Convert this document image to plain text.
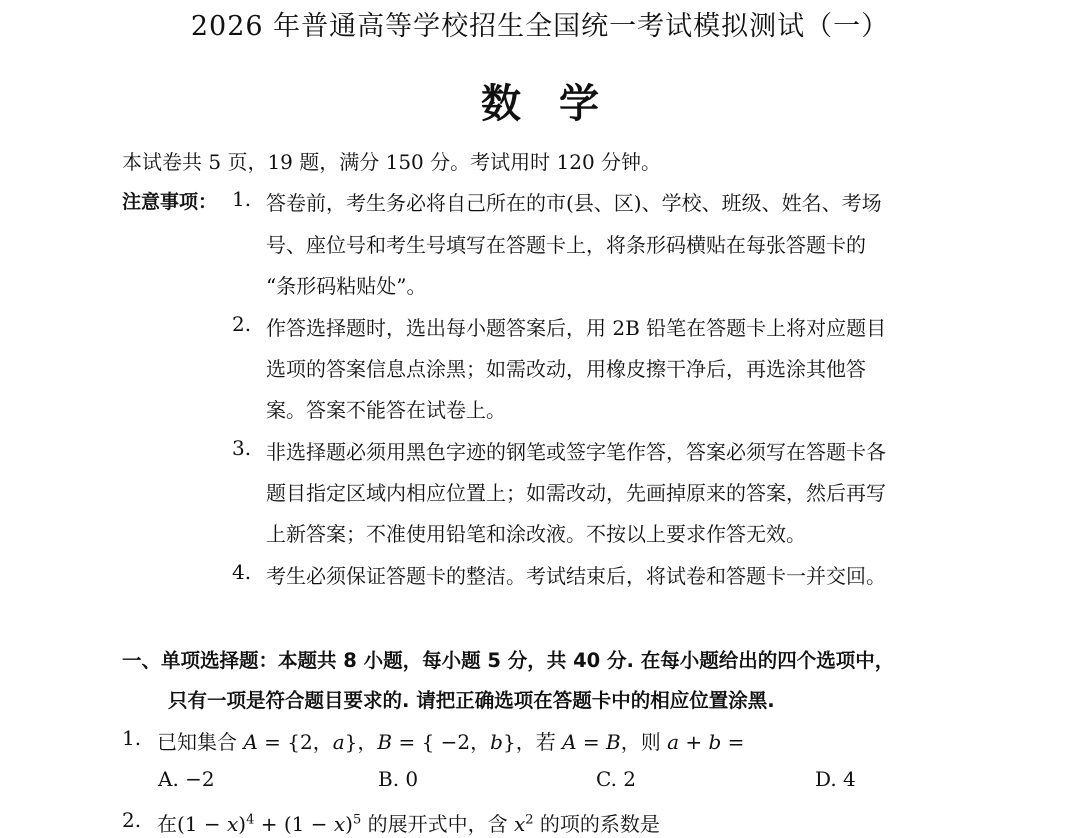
2026 年普通高等学校招生全国统一考试模拟测试（一）
数学
本试卷共 5 页，19 题，满分 150 分。考试用时 120 分钟。
注意事项： 1. 答卷前，考生务必将自己所在的市(县、区)、学校、班级、姓名、考场
号、座位号和考生号填写在答题卡上，将条形码横贴在每张答题卡的
“条形码粘贴处”。
2. 作答选择题时，选出每小题答案后，用 2B 铅笔在答题卡上将对应题目
选项的答案信息点涂黑；如需改动，用橡皮擦干净后，再选涂其他答
案。答案不能答在试卷上。
3. 非选择题必须用黑色字迹的钢笔或签字笔作答，答案必须写在答题卡各
题目指定区域内相应位置上；如需改动，先画掉原来的答案，然后再写
上新答案；不准使用铅笔和涂改液。不按以上要求作答无效。
4. 考生必须保证答题卡的整洁。考试结束后，将试卷和答题卡一并交回。
一、单项选择题：本题共 8 小题，每小题 5 分，共 40 分. 在每小题给出的四个选项中，
只有一项是符合题目要求的. 请把正确选项在答题卡中的相应位置涂黑.
1. 已知集合 A = {2，a}，B = { −2，b}，若 A = B，则 a + b =
A. −2	B. 0	C. 2	D. 4
2. 在$(1 - x)^4 + (1 - x)^5$ 的展开式中，含 $x^2$ 的项的系数是
